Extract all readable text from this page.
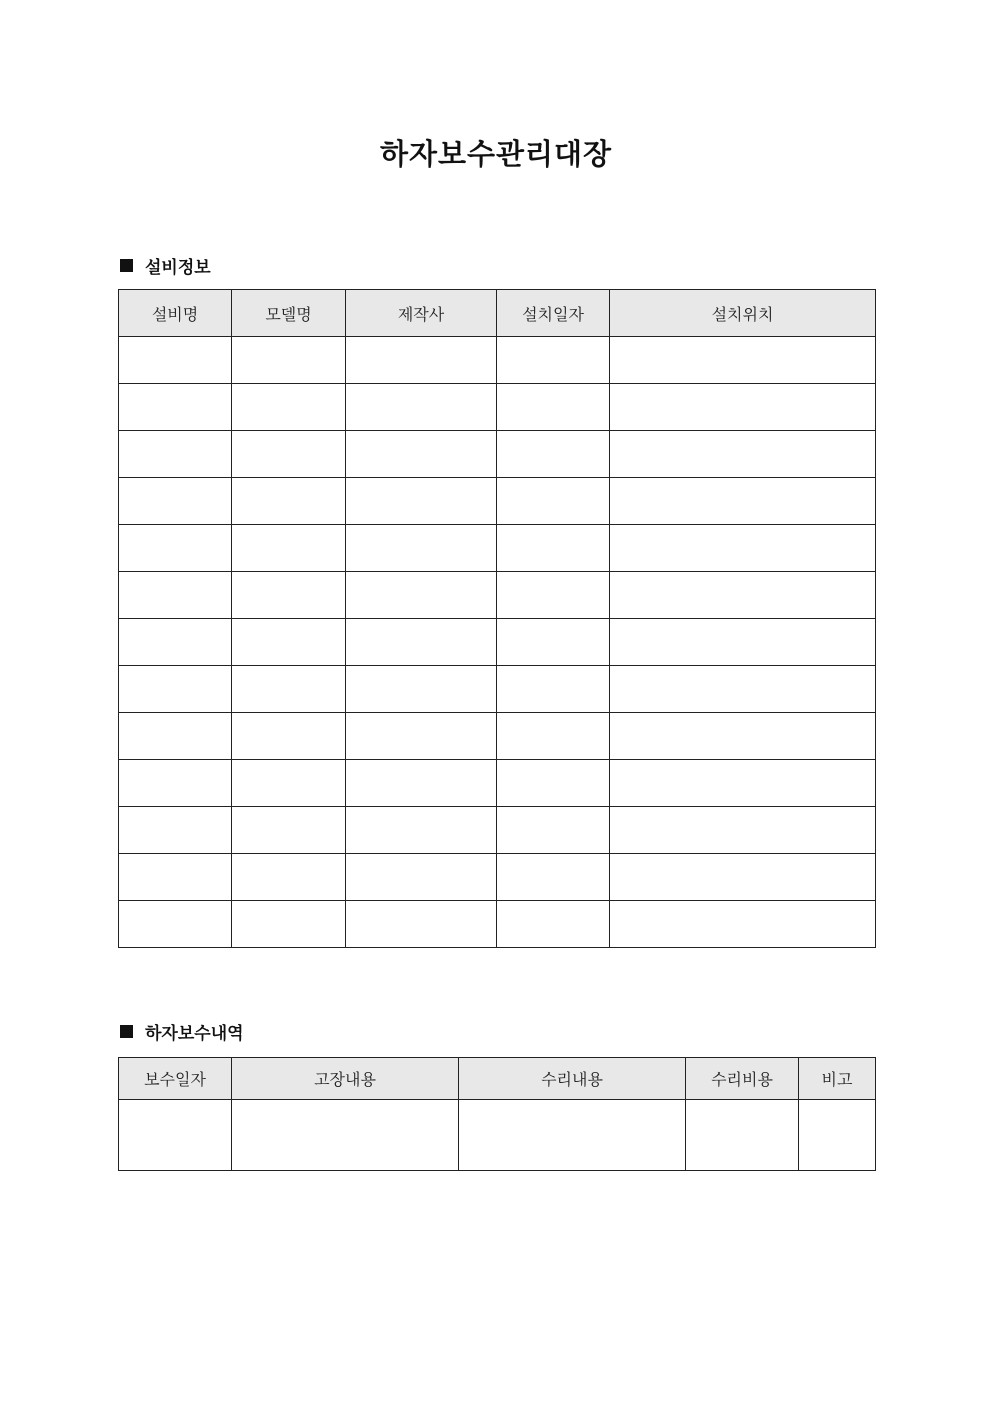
하자보수관리대장
설비정보
설비명	모델명	제작사	설치일자	설치위치

하자보수내역
보수일자	고장내용	수리내용	수리비용	비고
